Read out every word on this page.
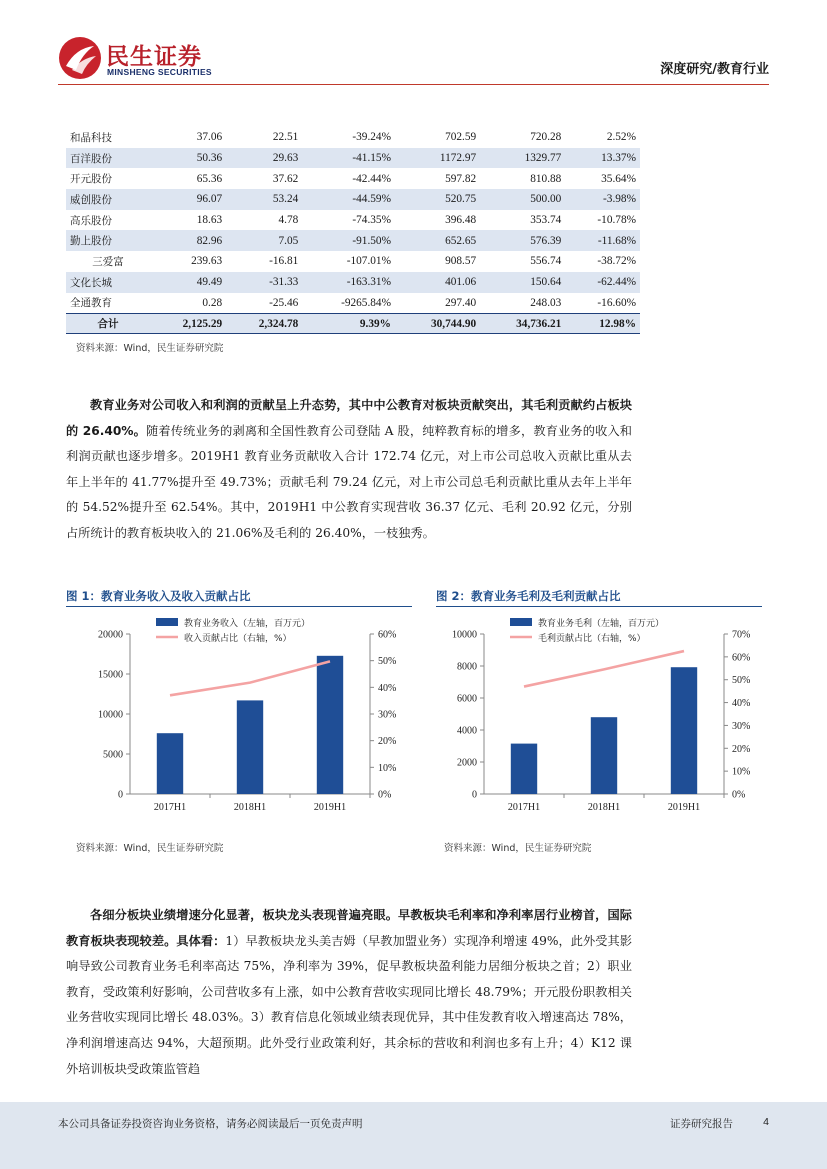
民生证券
MINSHENG SECURITIES	深度研究/教育行业
和晶科技	37.06	22.51	-39.24%	702.59	720.28	2.52%
百洋股份	50.36	29.63	-41.15%	1172.97	1329.77	13.37%
开元股份	65.36	37.62	-42.44%	597.82	810.88	35.64%
威创股份	96.07	53.24	-44.59%	520.75	500.00	-3.98%
高乐股份	18.63	4.78	-74.35%	396.48	353.74	-10.78%
勤上股份	82.96	7.05	-91.50%	652.65	576.39	-11.68%
三爱富	239.63	-16.81	-107.01%	908.57	556.74	-38.72%
文化长城	49.49	-31.33	-163.31%	401.06	150.64	-62.44%
全通教育	0.28	-25.46	-9265.84%	297.40	248.03	-16.60%
合计	2,125.29	2,324.78	9.39%	30,744.90	34,736.21	12.98%
资料来源：Wind，民生证券研究院
教育业务对公司收入和利润的贡献呈上升态势，其中中公教育对板块贡献突出，其毛利贡献约占板块的 26.40%。随着传统业务的剥离和全国性教育公司登陆 A 股，纯粹教育标的增多，教育业务的收入和利润贡献也逐步增多。2019H1 教育业务贡献收入合计 172.74 亿元，对上市公司总收入贡献比重从去年上半年的 41.77%提升至 49.73%；贡献毛利 79.24 亿元，对上市公司总毛利贡献比重从去年上半年的 54.52%提升至 62.54%。其中，2019H1 中公教育实现营收 36.37 亿元、毛利 20.92 亿元，分别占所统计的教育板块收入的 21.06%及毛利的 26.40%，一枝独秀。
图 1：教育业务收入及收入贡献占比
0
5000
10000
15000
20000
0%
10%
20%
30%
40%
50%
60%
2017H1	2018H1	2019H1
教育业务收入（左轴，百万元）
收入贡献占比（右轴，%）
资料来源：Wind，民生证券研究院
图 2：教育业务毛利及毛利贡献占比
0
2000
4000
6000
8000
10000
0%
10%
20%
30%
40%
50%
60%
70%
2017H1	2018H1	2019H1
教育业务毛利（左轴，百万元）
毛利贡献占比（右轴，%）
资料来源：Wind，民生证券研究院
各细分板块业绩增速分化显著，板块龙头表现普遍亮眼。早教板块毛利率和净利率居行业榜首，国际教育板块表现较差。具体看：1）早教板块龙头美吉姆（早教加盟业务）实现净利增速 49%，此外受其影响导致公司教育业务毛利率高达 75%，净利率为 39%，促早教板块盈利能力居细分板块之首；2）职业教育，受政策利好影响，公司营收多有上涨，如中公教育营收实现同比增长 48.79%；开元股份职教相关业务营收实现同比增长 48.03%。3）教育信息化领域业绩表现优异，其中佳发教育收入增速高达 78%，净利润增速高达 94%，大超预期。此外受行业政策利好，其余标的营收和利润也多有上升；4）K12 课外培训板块受政策监管趋
本公司具备证券投资咨询业务资格，请务必阅读最后一页免责声明	证券研究报告	4
